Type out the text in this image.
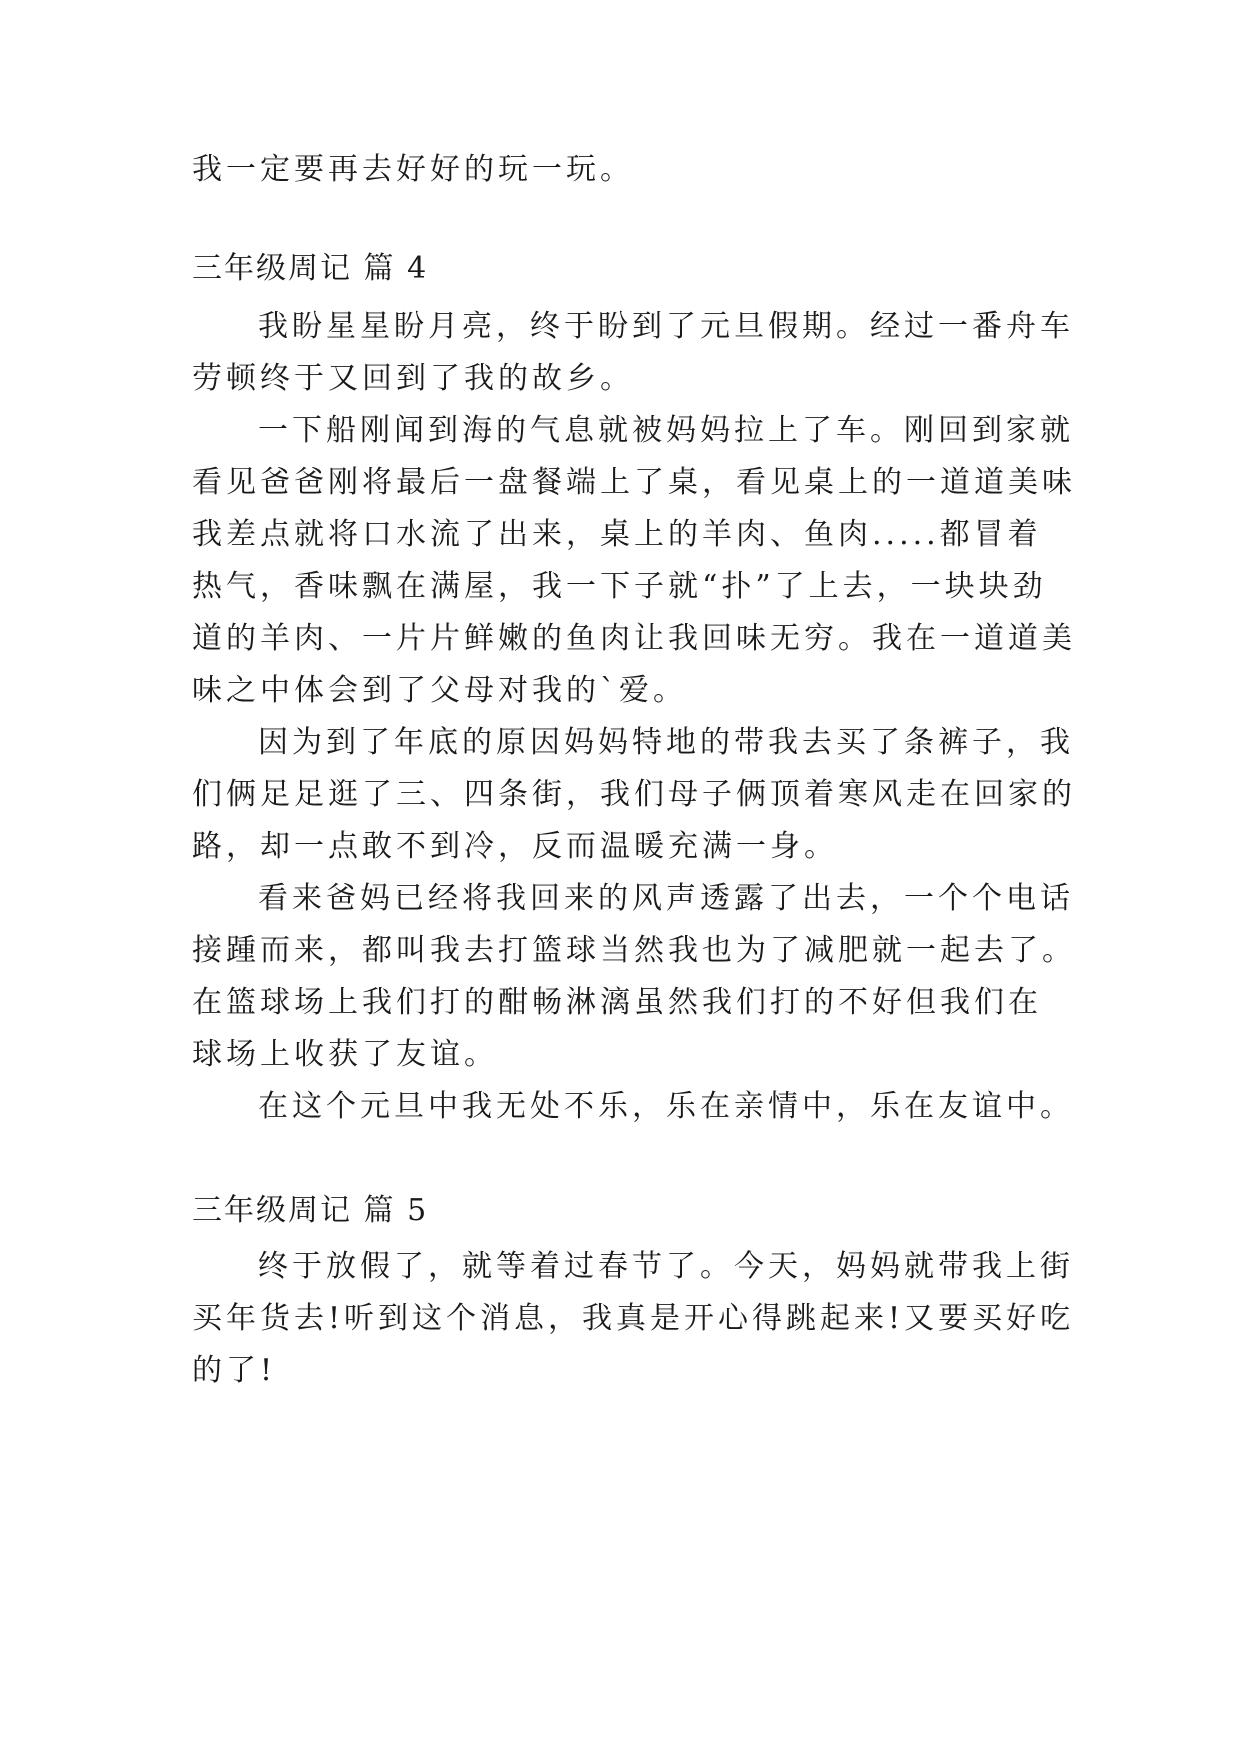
我一定要再去好好的玩一玩。
三年级周记 篇 4
我盼星星盼月亮，终于盼到了元旦假期。经过一番舟车
劳顿终于又回到了我的故乡。
一下船刚闻到海的气息就被妈妈拉上了车。刚回到家就
看见爸爸刚将最后一盘餐端上了桌，看见桌上的一道道美味
我差点就将口水流了出来，桌上的羊肉、鱼肉.....都冒着
热气，香味飘在满屋，我一下子就“扑”了上去，一块块劲
道的羊肉、一片片鲜嫩的鱼肉让我回味无穷。我在一道道美
味之中体会到了父母对我的`爱。
因为到了年底的原因妈妈特地的带我去买了条裤子，我
们俩足足逛了三、四条街，我们母子俩顶着寒风走在回家的
路，却一点敢不到冷，反而温暖充满一身。
看来爸妈已经将我回来的风声透露了出去，一个个电话
接踵而来，都叫我去打篮球当然我也为了减肥就一起去了。
在篮球场上我们打的酣畅淋漓虽然我们打的不好但我们在
球场上收获了友谊。
在这个元旦中我无处不乐，乐在亲情中，乐在友谊中。
三年级周记 篇 5
终于放假了，就等着过春节了。今天，妈妈就带我上街
买年货去!听到这个消息，我真是开心得跳起来!又要买好吃
的了!
